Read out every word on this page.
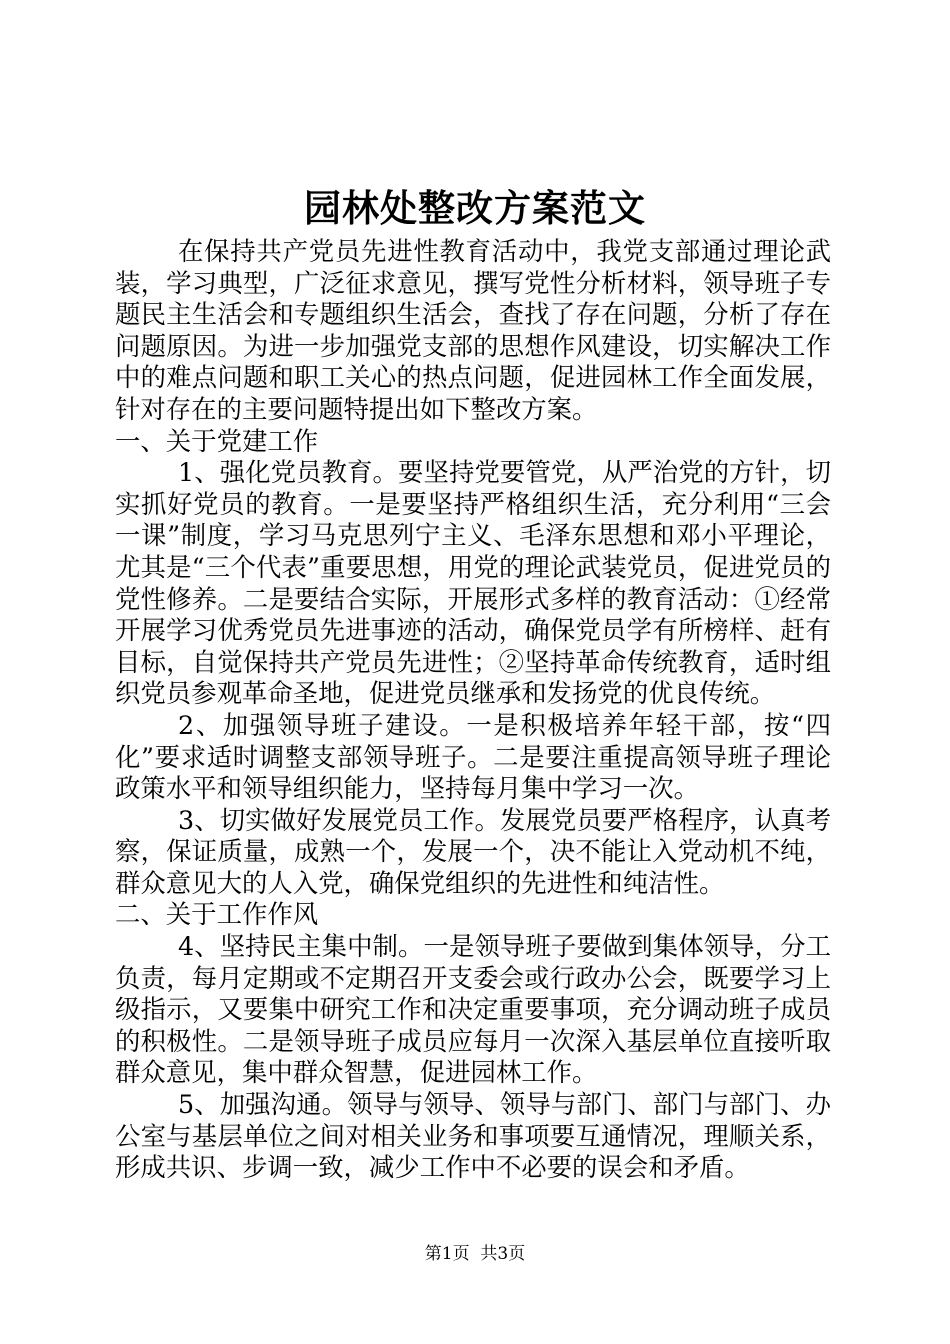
园林处整改方案范文

在保持共产党员先进性教育活动中，我党支部通过理论武装，学习典型，广泛征求意见，撰写党性分析材料，领导班子专题民主生活会和专题组织生活会，查找了存在问题，分析了存在问题原因。为进一步加强党支部的思想作风建设，切实解决工作中的难点问题和职工关心的热点问题，促进园林工作全面发展，针对存在的主要问题特提出如下整改方案。

一、关于党建工作

1、强化党员教育。要坚持党要管党，从严治党的方针，切实抓好党员的教育。一是要坚持严格组织生活，充分利用“三会一课”制度，学习马克思列宁主义、毛泽东思想和邓小平理论，尤其是“三个代表”重要思想，用党的理论武装党员，促进党员的党性修养。二是要结合实际，开展形式多样的教育活动：①经常开展学习优秀党员先进事迹的活动，确保党员学有所榜样、赶有目标，自觉保持共产党员先进性；②坚持革命传统教育，适时组织党员参观革命圣地，促进党员继承和发扬党的优良传统。

2、加强领导班子建设。一是积极培养年轻干部，按“四化”要求适时调整支部领导班子。二是要注重提高领导班子理论政策水平和领导组织能力，坚持每月集中学习一次。

3、切实做好发展党员工作。发展党员要严格程序，认真考察，保证质量，成熟一个，发展一个，决不能让入党动机不纯，群众意见大的人入党，确保党组织的先进性和纯洁性。

二、关于工作作风

4、坚持民主集中制。一是领导班子要做到集体领导，分工负责，每月定期或不定期召开支委会或行政办公会，既要学习上级指示，又要集中研究工作和决定重要事项，充分调动班子成员的积极性。二是领导班子成员应每月一次深入基层单位直接听取群众意见，集中群众智慧，促进园林工作。

5、加强沟通。领导与领导、领导与部门、部门与部门、办公室与基层单位之间对相关业务和事项要互通情况，理顺关系，形成共识、步调一致，减少工作中不必要的误会和矛盾。

第1页 共3页
